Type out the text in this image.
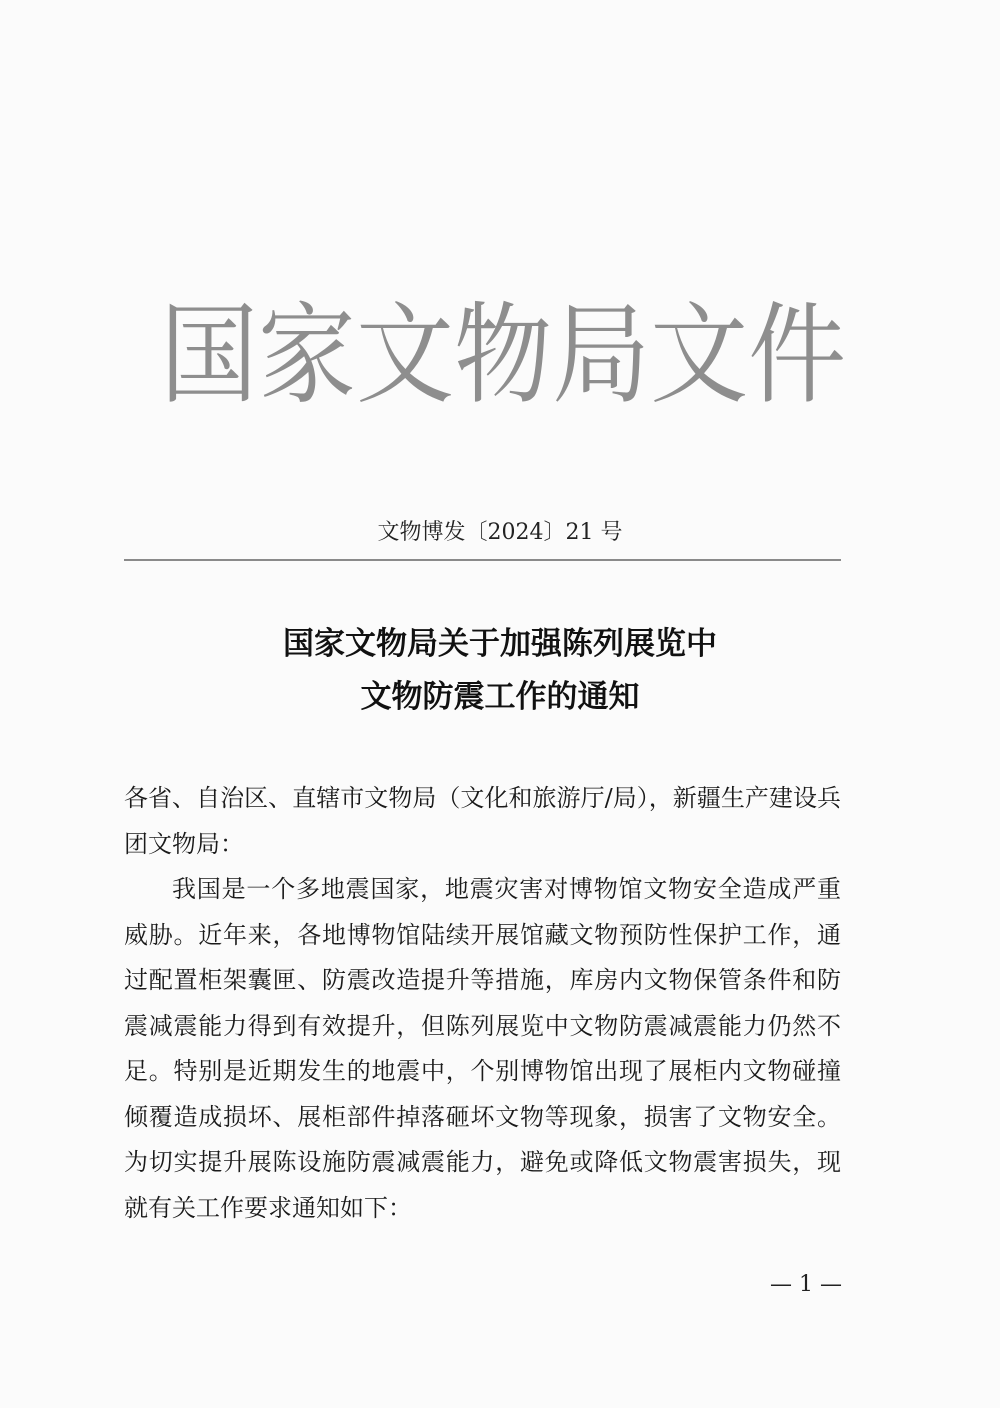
国 家 文 物 局 文 件
文物博发〔2024〕21 号
国家文物局关于加强陈列展览中
文物防震工作的通知

各省、自治区、直辖市文物局（文化和旅游厅/局），新疆生产建设兵团文物局：

我国是一个多地震国家，地震灾害对博物馆文物安全造成严重威胁。近年来，各地博物馆陆续开展馆藏文物预防性保护工作，通过配置柜架囊匣、防震改造提升等措施，库房内文物保管条件和防震减震能力得到有效提升，但陈列展览中文物防震减震能力仍然不足。特别是近期发生的地震中，个别博物馆出现了展柜内文物碰撞倾覆造成损坏、展柜部件掉落砸坏文物等现象，损害了文物安全。为切实提升展陈设施防震减震能力，避免或降低文物震害损失，现就有关工作要求通知如下：

— 1 —
